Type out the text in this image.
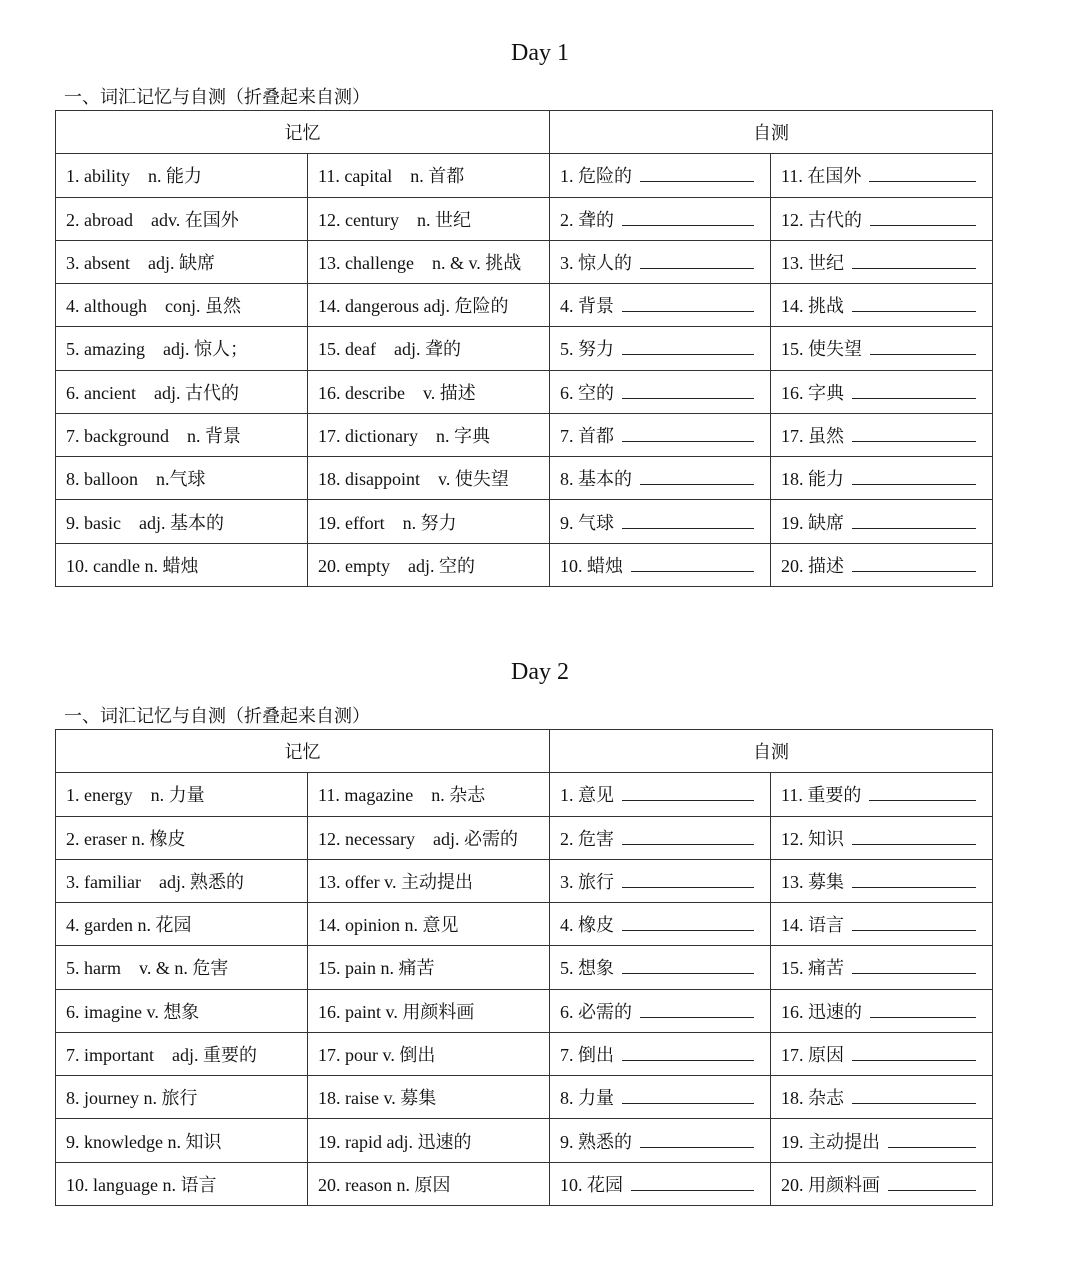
Day 1
一、词汇记忆与自测（折叠起来自测）
记忆		自测	
1. ability    n. 能力	11. capital    n. 首都	1. 危险的	11. 在国外
2. abroad    adv. 在国外	12. century    n. 世纪	2. 聋的	12. 古代的
3. absent    adj. 缺席	13. challenge    n. & v. 挑战	3. 惊人的	13. 世纪
4. although    conj. 虽然	14. dangerous adj. 危险的	4. 背景	14. 挑战
5. amazing    adj. 惊人；	15. deaf    adj. 聋的	5. 努力	15. 使失望
6. ancient    adj. 古代的	16. describe    v. 描述	6. 空的	16. 字典
7. background    n. 背景	17. dictionary    n. 字典	7. 首都	17. 虽然
8. balloon    n.气球	18. disappoint    v. 使失望	8. 基本的	18. 能力
9. basic    adj. 基本的	19. effort    n. 努力	9. 气球	19. 缺席
10. candle n. 蜡烛	20. empty    adj. 空的	10. 蜡烛	20. 描述
Day 2
一、词汇记忆与自测（折叠起来自测）
记忆		自测	
1. energy    n. 力量	11. magazine    n. 杂志	1. 意见	11. 重要的
2. eraser n. 橡皮	12. necessary    adj. 必需的	2. 危害	12. 知识
3. familiar    adj. 熟悉的	13. offer v. 主动提出	3. 旅行	13. 募集
4. garden n. 花园	14. opinion n. 意见	4. 橡皮	14. 语言
5. harm    v. & n. 危害	15. pain n. 痛苦	5. 想象	15. 痛苦
6. imagine v. 想象	16. paint v. 用颜料画	6. 必需的	16. 迅速的
7. important    adj. 重要的	17. pour v. 倒出	7. 倒出	17. 原因
8. journey n. 旅行	18. raise v. 募集	8. 力量	18. 杂志
9. knowledge n. 知识	19. rapid adj. 迅速的	9. 熟悉的	19. 主动提出
10. language n. 语言	20. reason n. 原因	10. 花园	20. 用颜料画
